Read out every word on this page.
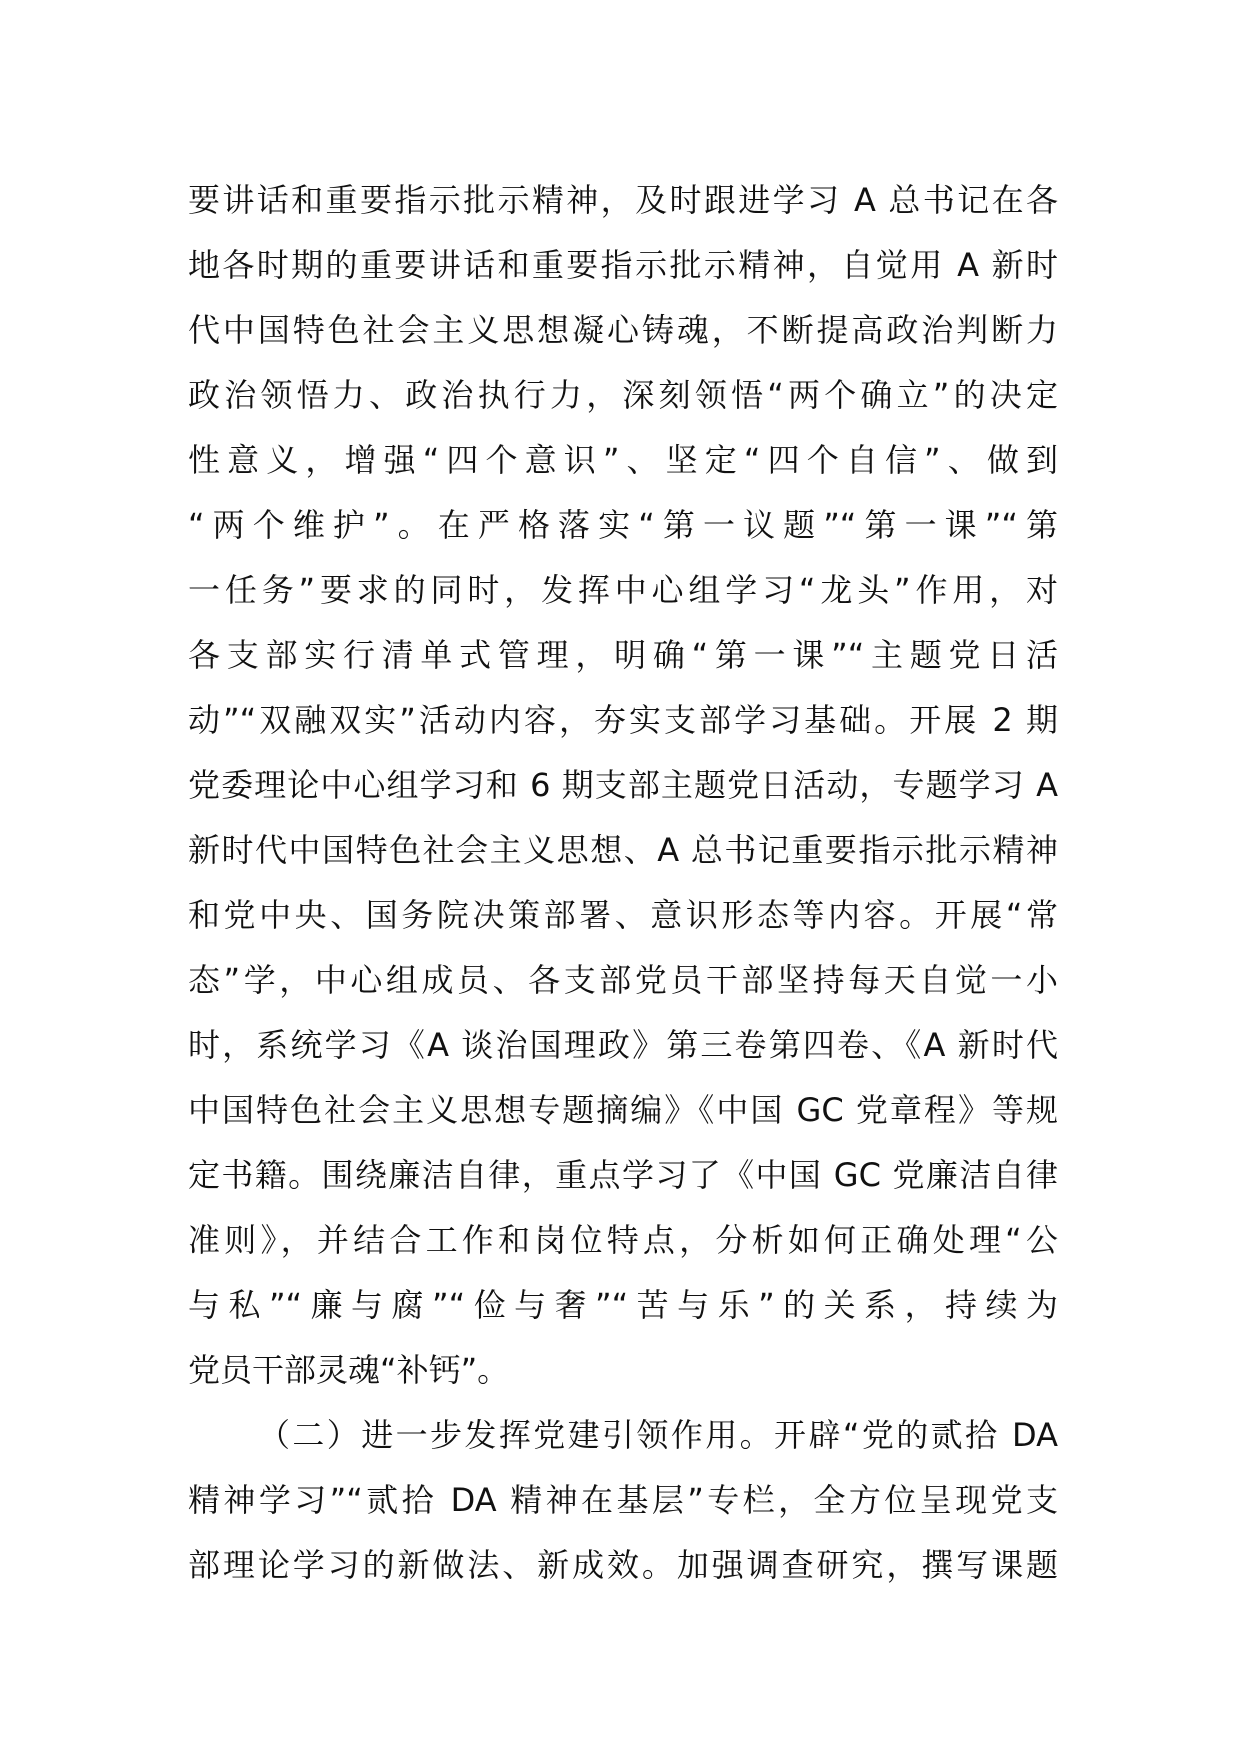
要讲话和重要指示批示精神，及时跟进学习 A 总书记在各
地各时期的重要讲话和重要指示批示精神，自觉用 A 新时
代中国特色社会主义思想凝心铸魂，不断提高政治判断力
政治领悟力、政治执行力，深刻领悟“两个确立”的决定
性意义，增强“四个意识”、坚定“四个自信”、做到
“两个维护”。在严格落实“第一议题”“第一课”“第
一任务”要求的同时，发挥中心组学习“龙头”作用，对
各支部实行清单式管理，明确“第一课”“主题党日活
动”“双融双实”活动内容，夯实支部学习基础。开展 2 期
党委理论中心组学习和 6 期支部主题党日活动，专题学习 A
新时代中国特色社会主义思想、A 总书记重要指示批示精神
和党中央、国务院决策部署、意识形态等内容。开展“常
态”学，中心组成员、各支部党员干部坚持每天自觉一小
时，系统学习《A 谈治国理政》第三卷第四卷、《A 新时代
中国特色社会主义思想专题摘编》《中国 GC 党章程》等规
定书籍。围绕廉洁自律，重点学习了《中国 GC 党廉洁自律
准则》，并结合工作和岗位特点，分析如何正确处理“公
与私”“廉与腐”“俭与奢”“苦与乐”的关系，持续为
党员干部灵魂“补钙”。
（二）进一步发挥党建引领作用。开辟“党的贰拾 DA
精神学习”“贰拾 DA 精神在基层”专栏，全方位呈现党支
部理论学习的新做法、新成效。加强调查研究，撰写课题
